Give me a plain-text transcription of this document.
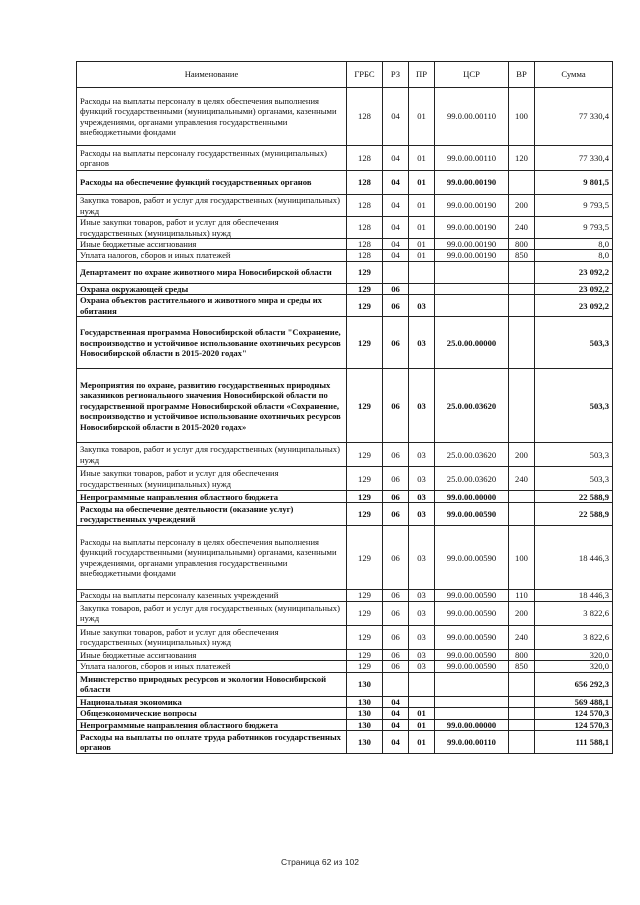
Наименование	ГРБС	РЗ	ПР	ЦСР	ВР	Сумма
Расходы на выплаты персоналу в целях обеспечения выполнения функций государственными (муниципальными) органами, казенными учреждениями, органами управления государственными внебюджетными фондами	128	04	01	99.0.00.00110	100	77 330,4
Расходы на выплаты персоналу государственных (муниципальных) органов	128	04	01	99.0.00.00110	120	77 330,4
Расходы на обеспечение функций государственных органов	128	04	01	99.0.00.00190		9 801,5
Закупка товаров, работ и услуг для государственных (муниципальных) нужд	128	04	01	99.0.00.00190	200	9 793,5
Иные закупки товаров, работ и услуг для обеспечения государственных (муниципальных) нужд	128	04	01	99.0.00.00190	240	9 793,5
Иные бюджетные ассигнования	128	04	01	99.0.00.00190	800	8,0
Уплата налогов, сборов и иных платежей	128	04	01	99.0.00.00190	850	8,0
Департамент по охране животного мира Новосибирской области	129					23 092,2
Охрана окружающей среды	129	06				23 092,2
Охрана объектов растительного и животного мира и среды их обитания	129	06	03			23 092,2
Государственная программа Новосибирской области "Сохранение, воспроизводство и устойчивое использование охотничьих ресурсов Новосибирской области в 2015-2020 годах"	129	06	03	25.0.00.00000		503,3
Мероприятия по охране, развитию государственных природных заказников регионального значения Новосибирской области по государственной программе Новосибирской области «Сохранение, воспроизводство и устойчивое использование охотничьих ресурсов Новосибирской области в 2015-2020 годах»	129	06	03	25.0.00.03620		503,3
Закупка товаров, работ и услуг для государственных (муниципальных) нужд	129	06	03	25.0.00.03620	200	503,3
Иные закупки товаров, работ и услуг для обеспечения государственных (муниципальных) нужд	129	06	03	25.0.00.03620	240	503,3
Непрограммные направления областного бюджета	129	06	03	99.0.00.00000		22 588,9
Расходы на обеспечение деятельности (оказание услуг) государственных учреждений	129	06	03	99.0.00.00590		22 588,9
Расходы на выплаты персоналу в целях обеспечения выполнения функций государственными (муниципальными) органами, казенными учреждениями, органами управления государственными внебюджетными фондами	129	06	03	99.0.00.00590	100	18 446,3
Расходы на выплаты персоналу казенных учреждений	129	06	03	99.0.00.00590	110	18 446,3
Закупка товаров, работ и услуг для государственных (муниципальных) нужд	129	06	03	99.0.00.00590	200	3 822,6
Иные закупки товаров, работ и услуг для обеспечения государственных (муниципальных) нужд	129	06	03	99.0.00.00590	240	3 822,6
Иные бюджетные ассигнования	129	06	03	99.0.00.00590	800	320,0
Уплата налогов, сборов и иных платежей	129	06	03	99.0.00.00590	850	320,0
Министерство природных ресурсов и экологии Новосибирской области	130					656 292,3
Национальная экономика	130	04				569 488,1
Общеэкономические вопросы	130	04	01			124 570,3
Непрограммные направления областного бюджета	130	04	01	99.0.00.00000		124 570,3
Расходы на выплаты по оплате труда работников государственных органов	130	04	01	99.0.00.00110		111 588,1
Страница 62 из 102
